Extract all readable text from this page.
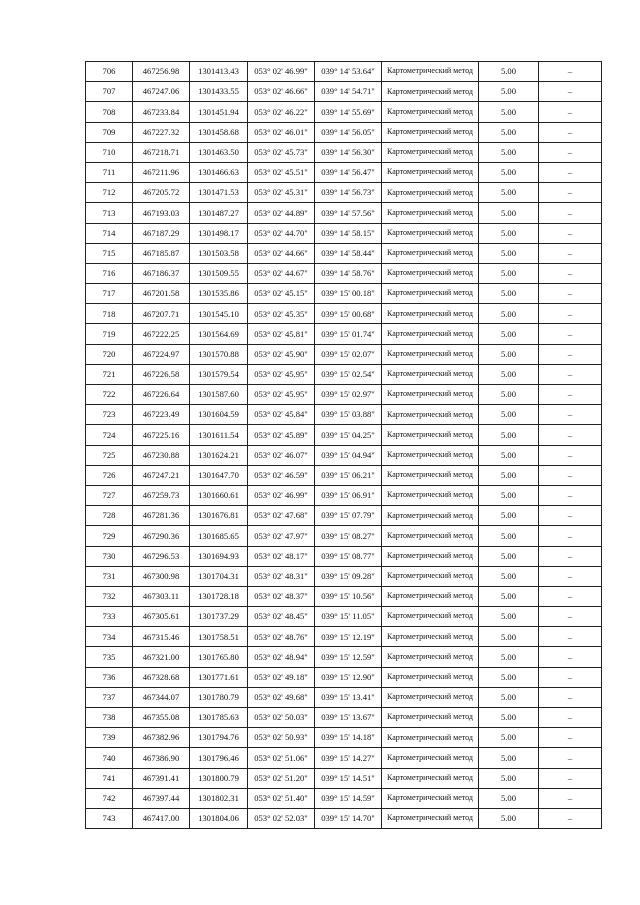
706	467256.98	1301413.43	053° 02' 46.99"	039° 14' 53.64"	Картометрический метод	5.00	–
707	467247.06	1301433.55	053° 02' 46.66"	039° 14' 54.71"	Картометрический метод	5.00	–
708	467233.84	1301451.94	053° 02' 46.22"	039° 14' 55.69"	Картометрический метод	5.00	–
709	467227.32	1301458.68	053° 02' 46.01"	039° 14' 56.05"	Картометрический метод	5.00	–
710	467218.71	1301463.50	053° 02' 45.73"	039° 14' 56.30"	Картометрический метод	5.00	–
711	467211.96	1301466.63	053° 02' 45.51"	039° 14' 56.47"	Картометрический метод	5.00	–
712	467205.72	1301471.53	053° 02' 45.31"	039° 14' 56.73"	Картометрический метод	5.00	–
713	467193.03	1301487.27	053° 02' 44.89"	039° 14' 57.56"	Картометрический метод	5.00	–
714	467187.29	1301498.17	053° 02' 44.70"	039° 14' 58.15"	Картометрический метод	5.00	–
715	467185.87	1301503.58	053° 02' 44.66"	039° 14' 58.44"	Картометрический метод	5.00	–
716	467186.37	1301509.55	053° 02' 44.67"	039° 14' 58.76"	Картометрический метод	5.00	–
717	467201.58	1301535.86	053° 02' 45.15"	039° 15' 00.18"	Картометрический метод	5.00	–
718	467207.71	1301545.10	053° 02' 45.35"	039° 15' 00.68"	Картометрический метод	5.00	–
719	467222.25	1301564.69	053° 02' 45.81"	039° 15' 01.74"	Картометрический метод	5.00	–
720	467224.97	1301570.88	053° 02' 45.90"	039° 15' 02.07"	Картометрический метод	5.00	–
721	467226.58	1301579.54	053° 02' 45.95"	039° 15' 02.54"	Картометрический метод	5.00	–
722	467226.64	1301587.60	053° 02' 45.95"	039° 15' 02.97"	Картометрический метод	5.00	–
723	467223.49	1301604.59	053° 02' 45.84"	039° 15' 03.88"	Картометрический метод	5.00	–
724	467225.16	1301611.54	053° 02' 45.89"	039° 15' 04.25"	Картометрический метод	5.00	–
725	467230.88	1301624.21	053° 02' 46.07"	039° 15' 04.94"	Картометрический метод	5.00	–
726	467247.21	1301647.70	053° 02' 46.59"	039° 15' 06.21"	Картометрический метод	5.00	–
727	467259.73	1301660.61	053° 02' 46.99"	039° 15' 06.91"	Картометрический метод	5.00	–
728	467281.36	1301676.81	053° 02' 47.68"	039° 15' 07.79"	Картометрический метод	5.00	–
729	467290.36	1301685.65	053° 02' 47.97"	039° 15' 08.27"	Картометрический метод	5.00	–
730	467296.53	1301694.93	053° 02' 48.17"	039° 15' 08.77"	Картометрический метод	5.00	–
731	467300.98	1301704.31	053° 02' 48.31"	039° 15' 09.28"	Картометрический метод	5.00	–
732	467303.11	1301728.18	053° 02' 48.37"	039° 15' 10.56"	Картометрический метод	5.00	–
733	467305.61	1301737.29	053° 02' 48.45"	039° 15' 11.05"	Картометрический метод	5.00	–
734	467315.46	1301758.51	053° 02' 48.76"	039° 15' 12.19"	Картометрический метод	5.00	–
735	467321.00	1301765.80	053° 02' 48.94"	039° 15' 12.59"	Картометрический метод	5.00	–
736	467328.68	1301771.61	053° 02' 49.18"	039° 15' 12.90"	Картометрический метод	5.00	–
737	467344.07	1301780.79	053° 02' 49.68"	039° 15' 13.41"	Картометрический метод	5.00	–
738	467355.08	1301785.63	053° 02' 50.03"	039° 15' 13.67"	Картометрический метод	5.00	–
739	467382.96	1301794.76	053° 02' 50.93"	039° 15' 14.18"	Картометрический метод	5.00	–
740	467386.90	1301796.46	053° 02' 51.06"	039° 15' 14.27"	Картометрический метод	5.00	–
741	467391.41	1301800.79	053° 02' 51.20"	039° 15' 14.51"	Картометрический метод	5.00	–
742	467397.44	1301802.31	053° 02' 51.40"	039° 15' 14.59"	Картометрический метод	5.00	–
743	467417.00	1301804.06	053° 02' 52.03"	039° 15' 14.70"	Картометрический метод	5.00	–
